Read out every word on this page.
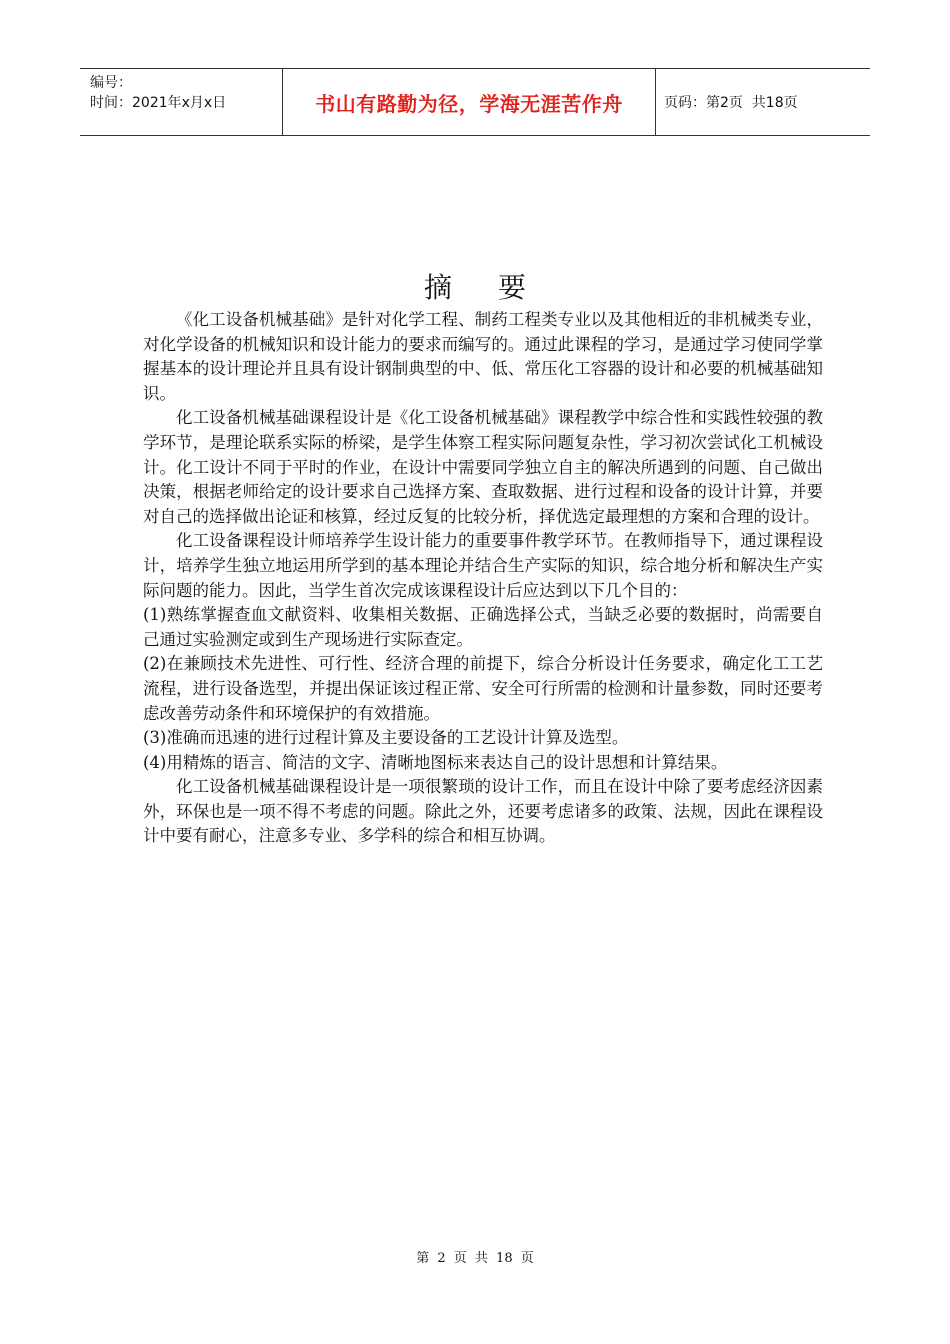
编号：
时间：2021年x月x日	书山有路勤为径，学海无涯苦作舟	页码：第2页  共18页
摘要

《化工设备机械基础》是针对化学工程、制药工程类专业以及其他相近的非机械类专业，对化学设备的机械知识和设计能力的要求而编写的。通过此课程的学习，是通过学习使同学掌握基本的设计理论并且具有设计钢制典型的中、低、常压化工容器的设计和必要的机械基础知识。

化工设备机械基础课程设计是《化工设备机械基础》课程教学中综合性和实践性较强的教学环节，是理论联系实际的桥梁，是学生体察工程实际问题复杂性，学习初次尝试化工机械设计。化工设计不同于平时的作业，在设计中需要同学独立自主的解决所遇到的问题、自己做出决策，根据老师给定的设计要求自己选择方案、查取数据、进行过程和设备的设计计算，并要对自己的选择做出论证和核算，经过反复的比较分析，择优选定最理想的方案和合理的设计。

化工设备课程设计师培养学生设计能力的重要事件教学环节。在教师指导下，通过课程设计，培养学生独立地运用所学到的基本理论并结合生产实际的知识，综合地分析和解决生产实际问题的能力。因此，当学生首次完成该课程设计后应达到以下几个目的：

(1)熟练掌握查血文献资料、收集相关数据、正确选择公式，当缺乏必要的数据时，尚需要自己通过实验测定或到生产现场进行实际查定。

(2)在兼顾技术先进性、可行性、经济合理的前提下，综合分析设计任务要求，确定化工工艺流程，进行设备选型，并提出保证该过程正常、安全可行所需的检测和计量参数，同时还要考虑改善劳动条件和环境保护的有效措施。

(3)准确而迅速的进行过程计算及主要设备的工艺设计计算及选型。

(4)用精炼的语言、简洁的文字、清晰地图标来表达自己的设计思想和计算结果。

化工设备机械基础课程设计是一项很繁琐的设计工作，而且在设计中除了要考虑经济因素外，环保也是一项不得不考虑的问题。除此之外，还要考虑诸多的政策、法规，因此在课程设计中要有耐心，注意多专业、多学科的综合和相互协调。

第 2 页 共 18 页
